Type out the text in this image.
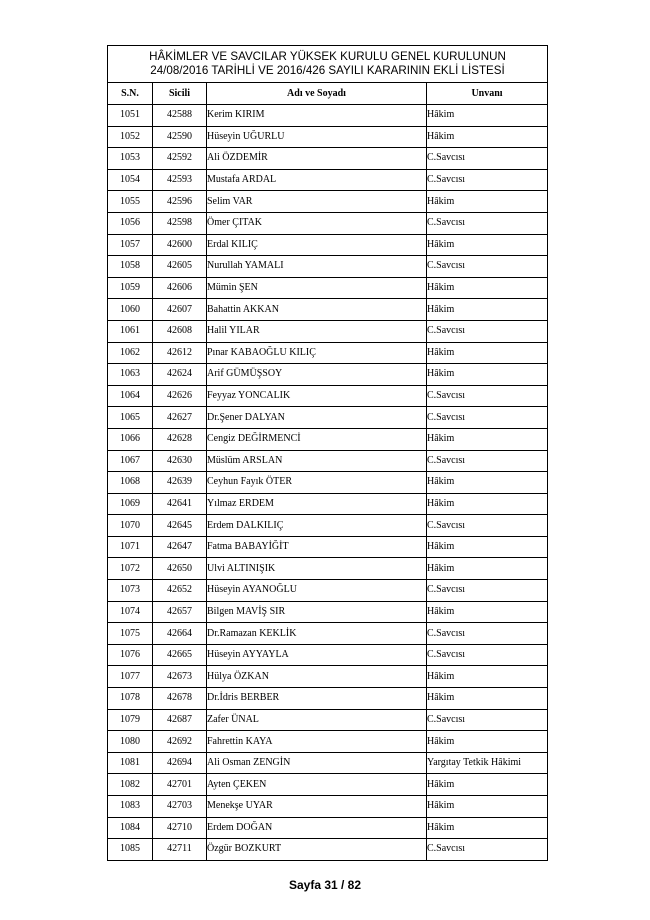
HÂKİMLER VE SAVCILAR YÜKSEK KURULU GENEL KURULUNUN
24/08/2016 TARİHLİ VE 2016/426 SAYILI KARARININ EKLİ LİSTESİ			

S.N.	Sicili	Adı ve Soyadı	Unvanı
1051	42588	Kerim KIRIM	Hâkim
1052	42590	Hüseyin UĞURLU	Hâkim
1053	42592	Ali ÖZDEMİR	C.Savcısı
1054	42593	Mustafa ARDAL	C.Savcısı
1055	42596	Selim VAR	Hâkim
1056	42598	Ömer ÇITAK	C.Savcısı
1057	42600	Erdal KILIÇ	Hâkim
1058	42605	Nurullah YAMALI	C.Savcısı
1059	42606	Mümin ŞEN	Hâkim
1060	42607	Bahattin AKKAN	Hâkim
1061	42608	Halil YILAR	C.Savcısı
1062	42612	Pınar KABAOĞLU KILIÇ	Hâkim
1063	42624	Arif GÜMÜŞSOY	Hâkim
1064	42626	Feyyaz YONCALIK	C.Savcısı
1065	42627	Dr.Şener DALYAN	C.Savcısı
1066	42628	Cengiz DEĞİRMENCİ	Hâkim
1067	42630	Müslüm ARSLAN	C.Savcısı
1068	42639	Ceyhun Fayık ÖTER	Hâkim
1069	42641	Yılmaz ERDEM	Hâkim
1070	42645	Erdem DALKILIÇ	C.Savcısı
1071	42647	Fatma BABAYİĞİT	Hâkim
1072	42650	Ulvi ALTINIŞIK	Hâkim
1073	42652	Hüseyin AYANOĞLU	C.Savcısı
1074	42657	Bilgen MAVİŞ SIR	Hâkim
1075	42664	Dr.Ramazan KEKLİK	C.Savcısı
1076	42665	Hüseyin AYYAYLA	C.Savcısı
1077	42673	Hülya ÖZKAN	Hâkim
1078	42678	Dr.İdris BERBER	Hâkim
1079	42687	Zafer ÜNAL	C.Savcısı
1080	42692	Fahrettin KAYA	Hâkim
1081	42694	Ali Osman ZENGİN	Yargıtay Tetkik Hâkimi
1082	42701	Ayten ÇEKEN	Hâkim
1083	42703	Menekşe UYAR	Hâkim
1084	42710	Erdem DOĞAN	Hâkim
1085	42711	Özgür BOZKURT	C.Savcısı
Sayfa 31 / 82
